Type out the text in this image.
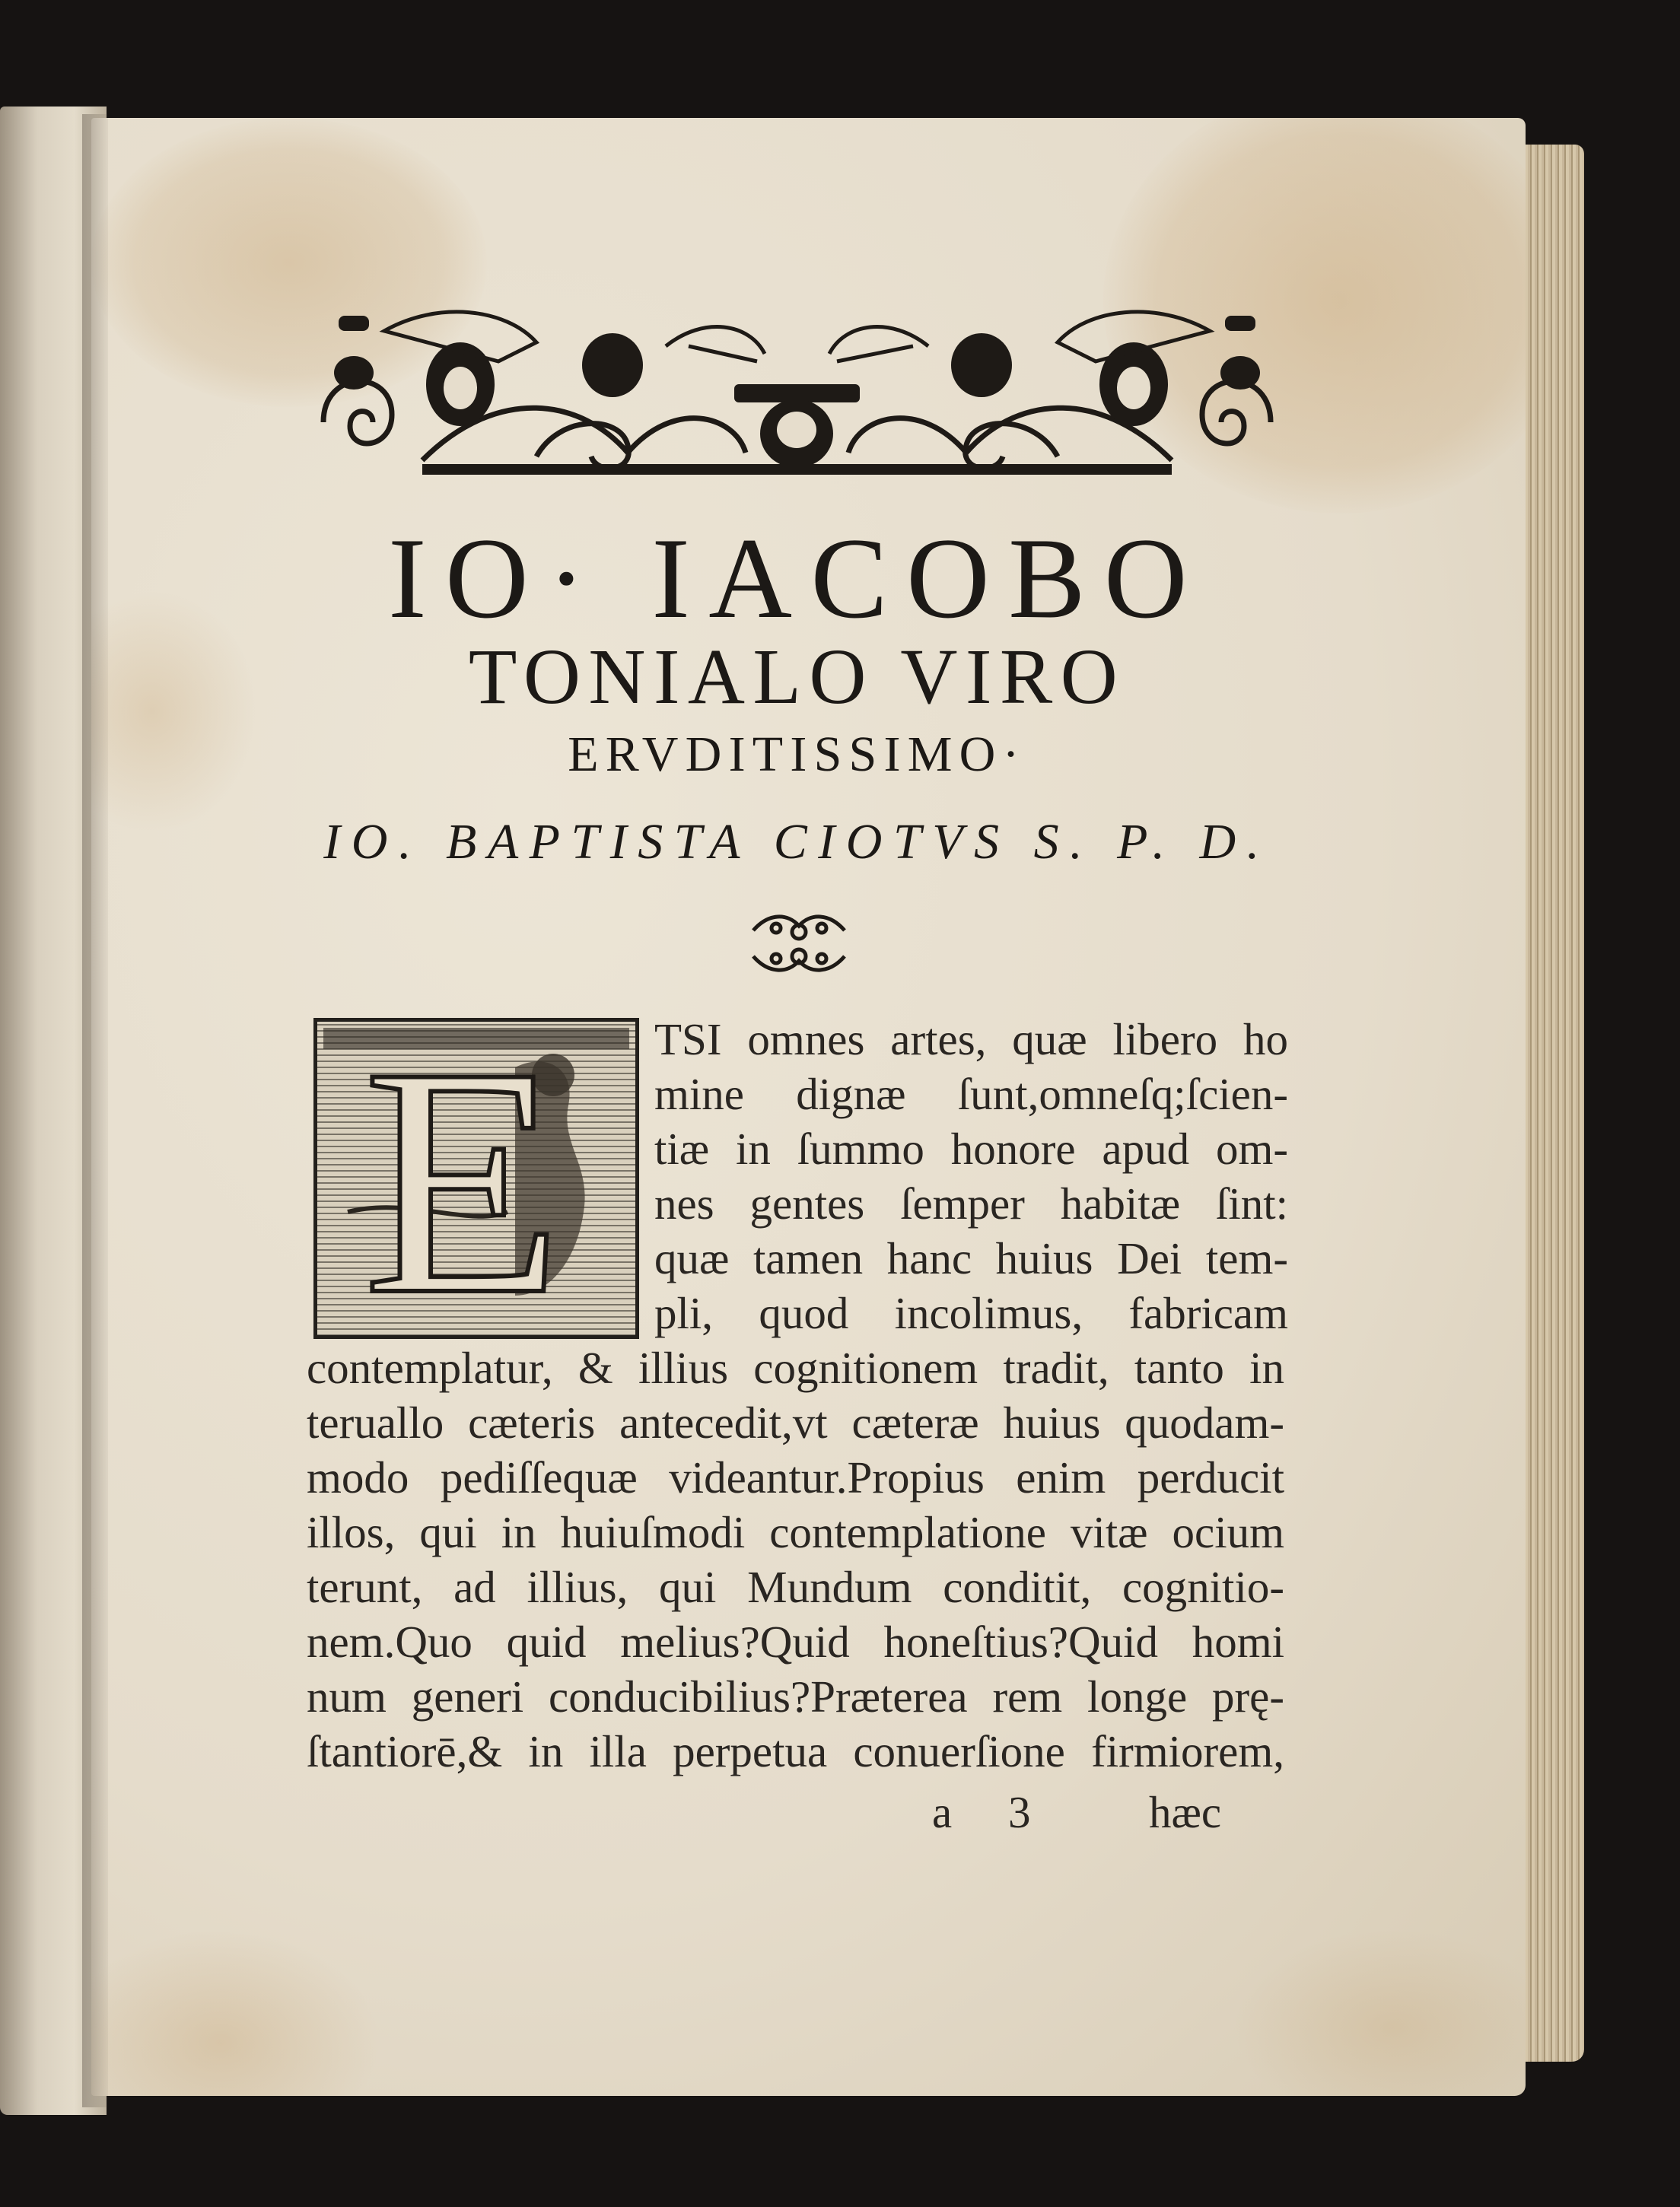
IO· IACOBO
TONIALO VIRO
ERVDITISSIMO·
IO. BAPTISTA CIOTVS S. P. D.
E	TSI omnes artes, quæ libero ho
mine dignæ ſunt,omneſq;ſcien-
tiæ in ſummo honore apud om-
nes gentes ſemper habitæ ſint:
quæ tamen hanc huius Dei tem-
pli, quod incolimus, fabricam
contemplatur, & illius cognitionem tradit, tanto in
teruallo cæteris antecedit,vt cæteræ huius quodam-
modo pediſſequæ videantur.Propius enim perducit
illos, qui in huiuſmodi contemplatione vitæ ocium
terunt, ad illius, qui Mundum conditit, cognitio-
nem.Quo quid melius?Quid honeſtius?Quid homi
num generi conducibilius?Præterea rem longe prę-
ſtantiorē,& in illa perpetua conuerſione firmiorem,
a 3	hæc
